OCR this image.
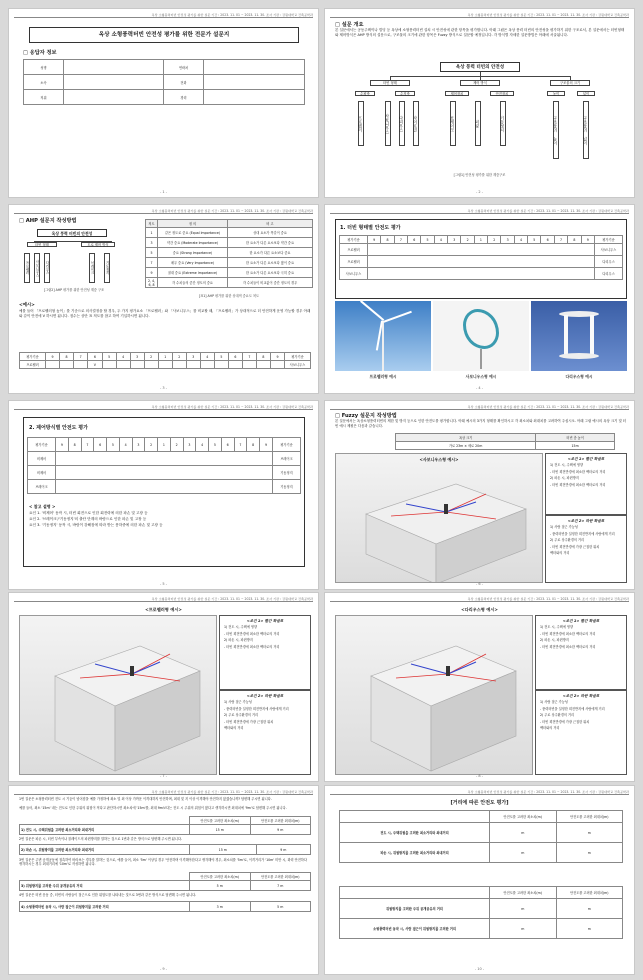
옥상 소형풍력터빈 안전성 평가를 위한 설문 기간 : 2023. 11. 01 ~ 2023. 11. 30. 조사 기관 : 강원대학교 건축공학과
옥상 소형풍력터빈 안전성 평가를 위한 전문가 설문지
□ 응답자 정보
성명		연락처	
소속		전화	
직위		경력	
- 1 -
옥상 소형풍력터빈 안전성 평가를 위한 설문 기간 : 2023. 11. 01 ~ 2023. 11. 30. 조사 기관 : 강원대학교 건축공학과
□ 설문 개요
본 설문에서는 공동주택이나 빌딩 등 옥상에 소형풍력터빈 설치 시 안전성에 관한 항목을 평가합니다. 아래 그림은 옥상 풍력 터빈의 안전성을 평가하기 위한 구조로서, 본 설문에서는 터빈형태와 제어방식은 AHP 방식의 설문으로, 구조물의 크기에 관한 항목은 Fuzzy 방식으로 설문할 예정입니다. 각 방식별 자세한 설문방법은 아래에 서술됩니다.
옥상 풍력 터빈의 안전성
터빈 형태	제어 방식	구조물의 크기
수평축	수직축	제어장치	안전장치	높이	넓이
프로펠러	사보니우스 다리우스 자이로밀	브레이크	퍼링	기동정지	구조물의 높이	구조물의 넓이
[그림1] 안전성 평가를 위한 계층구조
- 2 -
옥상 소형풍력터빈 안전성 평가를 위한 설문 기간 : 2023. 11. 01 ~ 2023. 11. 30. 조사 기관 : 강원대학교 건축공학과
□ AHP 설문지 작성방법
옥상 풍력 터빈의 안전성
터빈 형태	도로 제어 방식
프로펠러 사보니우스 다리우스	브레이크	기동정지
[그림2] AHP 평가를 위한 안전성 계층 구조
척도	정 의	비 고
1	같은 정도로 중요 (Equal Importance)	상대 요소가 똑같이 중요
3	약간 중요 (Moderate Importance)	한 요소가 다른 요소보다 약간 중요
5	중요 (Strong Importance)	한 요소가 다른 요소보다 중요
7	매우 중요 (Very Importance)	한 요소가 다른 요소보다 많이 중요
9	절대 중요 (Extreme Importance)	한 요소가 다른 요소보다 극히 중요
2, 4, 6, 8	각 수치들의 중간 정도의 중요	각 수치들이 비교값이 중간 정도의 경우
[표1] AHP 평가를 위한 상대적 중요도 척도
<예시>
예를 들어 「프로펠러형 높이」를 기준으로 의사결정을 할 경우, 두 가지 평가요소 「프로펠러」와 「사보니우스」를 비교할 때, 「프로펠러」가 상대적으로 더 안전하게 운영 가능할 경우 아래와 같이 안전에 V 하시면 됩니다. 점수는 상단 표 척도를 참고 하여 기입하시면 됩니다.
평가기준	9	8	7	6	5	4	3	2	1	2	3	4	5	6	7	8	9	평가기준
프로펠러				V														사보니우스
- 3 -
옥상 소형풍력터빈 안전성 평가를 위한 설문 기간 : 2023. 11. 01 ~ 2023. 11. 30. 조사 기관 : 강원대학교 건축공학과
1. 터빈 형태별 안전도 평가
평가기준	9	8	7	6	5	4	3	2	1	2	3	4	5	6	7	8	9	평가기준
프로펠러																		사보니우스
프로펠러																		다리우스
사보니우스																		다리우스
프로펠러형 예시	사보니우스형 예시	다리우스형 예시
- 4 -
옥상 소형풍력터빈 안전성 평가를 위한 설문 기간 : 2023. 11. 01 ~ 2023. 11. 30. 조사 기관 : 강원대학교 건축공학과
2. 제어방식별 안전도 평가
평가기준	9	8	7	6	5	4	3	2	1	2	3	4	5	6	7	8	9	평가기준
비제어																		브레이크
비제어																		기동정지
브레이크																		기동정지
< 참고 설명 >
요인 1. '비제어' 동작 시, 터빈 회전으로 인한 회전력에 의한 파손 및 고장 등
요인 2. '브레이크'/'기동정지'의 출단 단계의 바람으로 인한 파손 및 고장 등
요인 3. '기동정지' 동작 시, 바람이 강해짐에 따라 받는 풍하중에 의한 파손 및 고장 등
- 5 -
옥상 소형풍력터빈 안전성 평가를 위한 설문 기간 : 2023. 11. 01 ~ 2023. 11. 30. 조사 기관 : 강원대학교 건축공학과
□ Fuzzy 설문지 작성방법
본 설문에서는 옥상소형풍력터빈의 제한 및 방지 등으로 인한 안전도를 평가합니다. 아래 예시의 3가지 형태를 확인하시고 각 최소치와 최대치를 고려하여 주십시오. 아래 그림 예시의 옥상 크기 및 터빈 예시 제원은 다음과 같습니다.
옥상 크기	터빈 총 높이
가로 23m × 세로 20m	15m
<사보니우스형 예시>	<조건 1> 빨간 화살표
1) 전도 시, 주택에 영향
- 터빈 회전반경에 최소한 벡터로의 거리
2) 파손 시, 파편방지
- 터빈 회전반경에 최소한 벡터로의 거리
<조건 2> 파란 화살표
1) 사람 접근 가능성
- 풍력터빈을 설정한 회전반지에 사람에게 거리
2) 주로 상주환경의 거리
- 터빈 회전반경에 가장 근접한 위치
벡터와의 거리
- 6 -
옥상 소형풍력터빈 안전성 평가를 위한 설문 기간 : 2023. 11. 01 ~ 2023. 11. 30. 조사 기관 : 강원대학교 건축공학과
<프로펠러형 예시>
<조건 1> 빨간 화살표
1) 전도 시, 주택에 영향
- 터빈 회전반경에 최소한 벡터로의 거리
2) 파손 시, 파편방지
- 터빈 회전반경에 최소한 벡터로의 거리
<조건 2> 파란 화살표
1) 사람 접근 가능성
- 풍력터빈을 설정한 회전반지에 사람에게 거리
2) 주로 상주환경의 거리
- 터빈 회전반경에 가장 근접한 위치
벡터와의 거리
- 7 -
옥상 소형풍력터빈 안전성 평가를 위한 설문 기간 : 2023. 11. 01 ~ 2023. 11. 30. 조사 기관 : 강원대학교 건축공학과
<다리우스형 예시>
<조건 1> 빨간 화살표
1) 전도 시, 주택에 영향
- 터빈 회전반경에 최소한 벡터로의 거리
2) 파손 시, 파편방지
- 터빈 회전반경에 최소한 벡터로의 거리
<조건 2> 파란 화살표
1) 사람 접근 가능성
- 풍력터빈을 설정한 회전반지에 사람에게 거리
2) 주로 상주환경의 거리
- 터빈 회전반경에 가장 근접한 위치
벡터와의 거리
- 8 -
옥상 소형풍력터빈 안전성 평가를 위한 설문 기간 : 2023. 11. 01 ~ 2023. 11. 30. 조사 기관 : 강원대학교 건축공학과
1번 질문은 소형풍력터빈 전도 시 기둥이 넘어짐을 예를 가정하에 최소 및 최 이상 가까운 이격대하지 안전하며, 최대 및 지 이상 이격해야 안전하지 않겠습니까? 답변해 주시면 됩니다.
예를 들어, 최소 '15m' 내는 전도로 인한 주위의 위험이 적다고 판단하시면 최소치에 '15m'를, 최대 9m보다는 전도 시 주위의 위험이 많다고 생각하시면 최대치에 '9m'로 답변해 주시면 됩니다.
	안전도를 고려한 최소치(m)	안전도를 고려한 최대치(m)
1) 전도 시, 주택위험을 고려한 최소거리와 최대거리	15 m	9 m
2번 질문은 파손 시, 터빈 부속이나 블레이드의 파편방지를 말하는 것으로 1번과 같은 방식으로 답변해 주시면 됩니다.
2) 파손 시, 위험방지를 고려한 최소거리와 최대거리	15 m	9 m
3번 질문은 주변 공개공동에 접촉하여 바라보는 경우를 말하는 것으로, 예를 들어, 최소 '5m' 이상일 경우 '안전하며 이격해야한다고 생각해야 경우, 최소치를 '5m'로, 이격거리가 '10m' 미만 시, 화력 안전하다 생각하시는 경우 최대거리에 '10m'로 작성하면 됩니다.
	안전도를 고려한 최소치(m)	안전도를 고려한 최대치(m)
3) 위험방지를 고려한 주위 공개공유의 거리	5 m	7 m
4번 질문은 터빈 운동 중, 터빈의 사람들이 접근으로 인한 위험도를 나타내는 것으로 3번과 같은 방식으로 답변해 주시면 됩니다.
4) 소형풍력터빈 동작 시, 사람 접근이 위험방지를 고려한 거리	3 m	5 m
- 9 -
옥상 소형풍력터빈 안전성 평가를 위한 설문 기간 : 2023. 11. 01 ~ 2023. 11. 30. 조사 기관 : 강원대학교 건축공학과
[거리에 따른 안전도 평가]
	안전도를 고려한 최소치(m)	안전도를 고려한 최대치(m)
전도 시, 주택위험을 고려한 최소거리와 최대거리	m	m
파손 시, 위험방지를 고려한 최소거리와 최대거리	m	m
	안전도를 고려한 최소치(m)	안전도를 고려한 최대치(m)
위험방지를 고려한 주위 공개공유의 거리	m	m
소형풍력터빈 동작 시, 사람 접근이 위험방지를 고려한 거리	m	m
- 10 -
